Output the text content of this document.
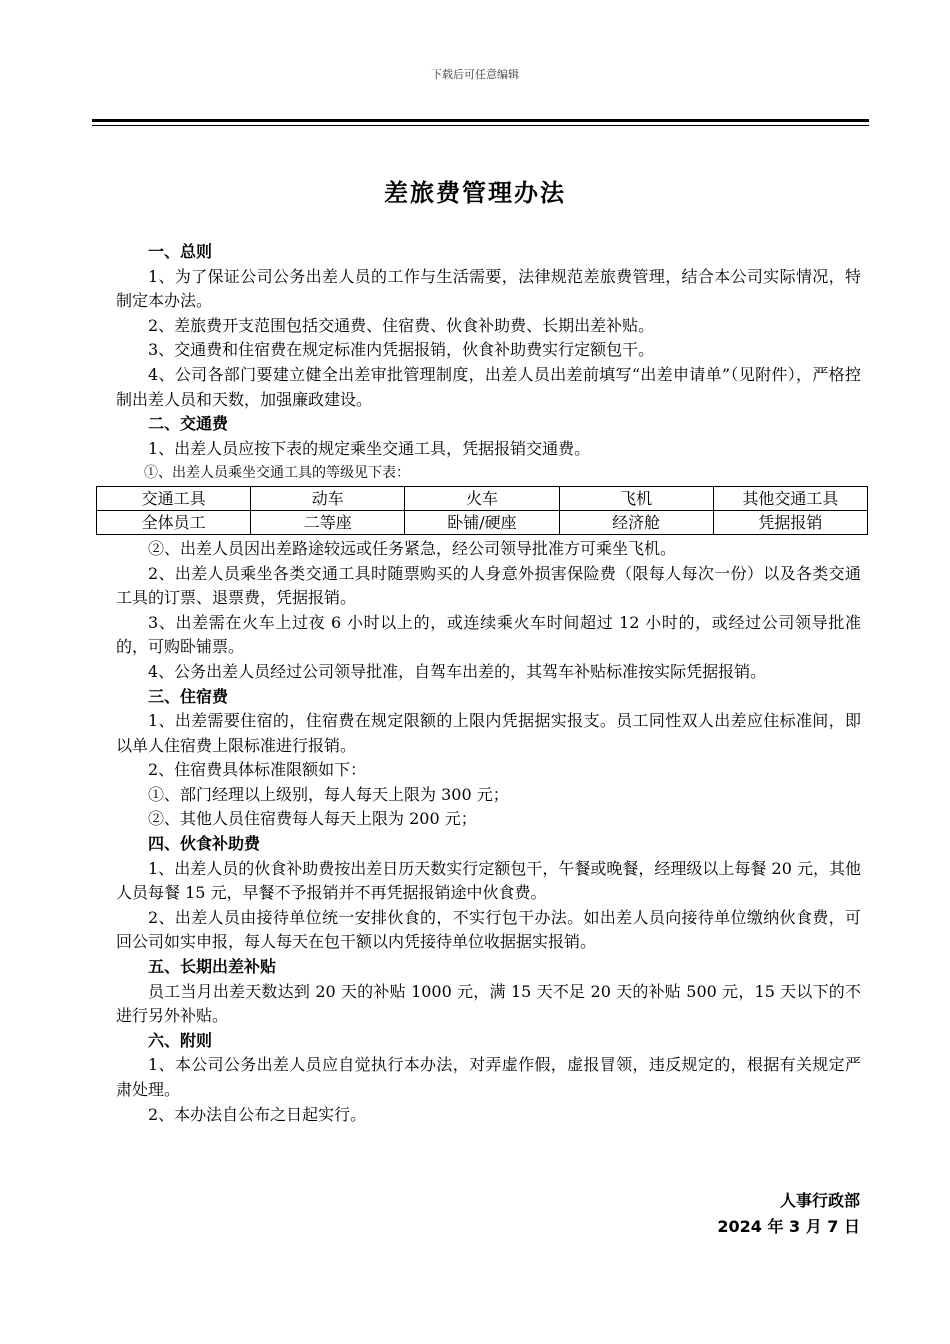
下载后可任意编辑
差旅费管理办法

一、总则

1、为了保证公司公务出差人员的工作与生活需要，法律规范差旅费管理，结合本公司实际情况，特制定本办法。

2、差旅费开支范围包括交通费、住宿费、伙食补助费、长期出差补贴。

3、交通费和住宿费在规定标准内凭据报销，伙食补助费实行定额包干。

4、公司各部门要建立健全出差审批管理制度，出差人员出差前填写“出差申请单”（见附件），严格控制出差人员和天数，加强廉政建设。

二、交通费

1、出差人员应按下表的规定乘坐交通工具，凭据报销交通费。

①、出差人员乘坐交通工具的等级见下表：

交通工具	动车	火车	飞机	其他交通工具
全体员工	二等座	卧铺/硬座	经济舱	凭据报销

②、出差人员因出差路途较远或任务紧急，经公司领导批准方可乘坐飞机。

2、出差人员乘坐各类交通工具时随票购买的人身意外损害保险费（限每人每次一份）以及各类交通工具的订票、退票费，凭据报销。

3、出差需在火车上过夜 6 小时以上的，或连续乘火车时间超过 12 小时的，或经过公司领导批准的，可购卧铺票。

4、公务出差人员经过公司领导批准，自驾车出差的，其驾车补贴标准按实际凭据报销。

三、住宿费

1、出差需要住宿的，住宿费在规定限额的上限内凭据据实报支。员工同性双人出差应住标准间，即以单人住宿费上限标准进行报销。

2、住宿费具体标准限额如下：

①、部门经理以上级别，每人每天上限为 300 元；

②、其他人员住宿费每人每天上限为 200 元；

四、伙食补助费

1、出差人员的伙食补助费按出差日历天数实行定额包干，午餐或晚餐，经理级以上每餐 20 元，其他人员每餐 15 元，早餐不予报销并不再凭据报销途中伙食费。

2、出差人员由接待单位统一安排伙食的，不实行包干办法。如出差人员向接待单位缴纳伙食费，可回公司如实申报，每人每天在包干额以内凭接待单位收据据实报销。

五、长期出差补贴

员工当月出差天数达到 20 天的补贴 1000 元，满 15 天不足 20 天的补贴 500 元，15 天以下的不进行另外补贴。

六、附则

1、本公司公务出差人员应自觉执行本办法，对弄虚作假，虚报冒领，违反规定的，根据有关规定严肃处理。

2、本办法自公布之日起实行。

人事行政部
2024 年 3 月 7 日
